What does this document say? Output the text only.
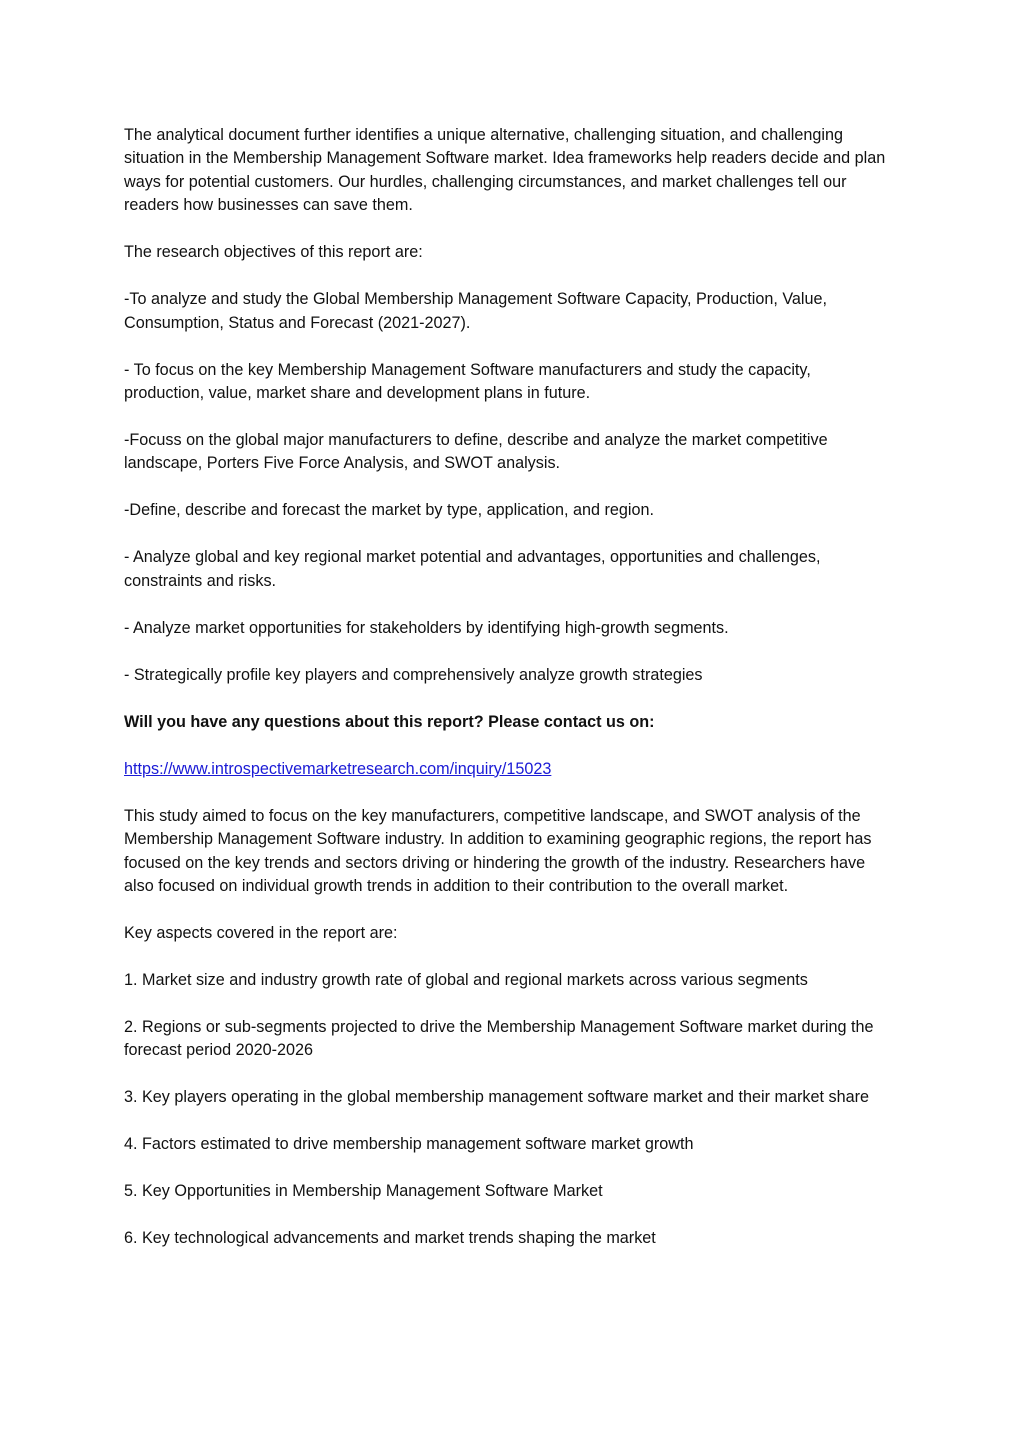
The analytical document further identifies a unique alternative, challenging situation, and challenging situation in the Membership Management Software market. Idea frameworks help readers decide and plan ways for potential customers. Our hurdles, challenging circumstances, and market challenges tell our readers how businesses can save them.

The research objectives of this report are:

-To analyze and study the Global Membership Management Software Capacity, Production, Value, Consumption, Status and Forecast (2021-2027).

- To focus on the key Membership Management Software manufacturers and study the capacity, production, value, market share and development plans in future.

-Focuss on the global major manufacturers to define, describe and analyze the market competitive landscape, Porters Five Force Analysis, and SWOT analysis.

-Define, describe and forecast the market by type, application, and region.

- Analyze global and key regional market potential and advantages, opportunities and challenges, constraints and risks.

- Analyze market opportunities for stakeholders by identifying high-growth segments.

- Strategically profile key players and comprehensively analyze growth strategies

Will you have any questions about this report? Please contact us on:

https://www.introspectivemarketresearch.com/inquiry/15023

This study aimed to focus on the key manufacturers, competitive landscape, and SWOT analysis of the Membership Management Software industry. In addition to examining geographic regions, the report has focused on the key trends and sectors driving or hindering the growth of the industry. Researchers have also focused on individual growth trends in addition to their contribution to the overall market.

Key aspects covered in the report are:

1. Market size and industry growth rate of global and regional markets across various segments

2. Regions or sub-segments projected to drive the Membership Management Software market during the forecast period 2020-2026

3. Key players operating in the global membership management software market and their market share

4. Factors estimated to drive membership management software market growth

5. Key Opportunities in Membership Management Software Market

6. Key technological advancements and market trends shaping the market
